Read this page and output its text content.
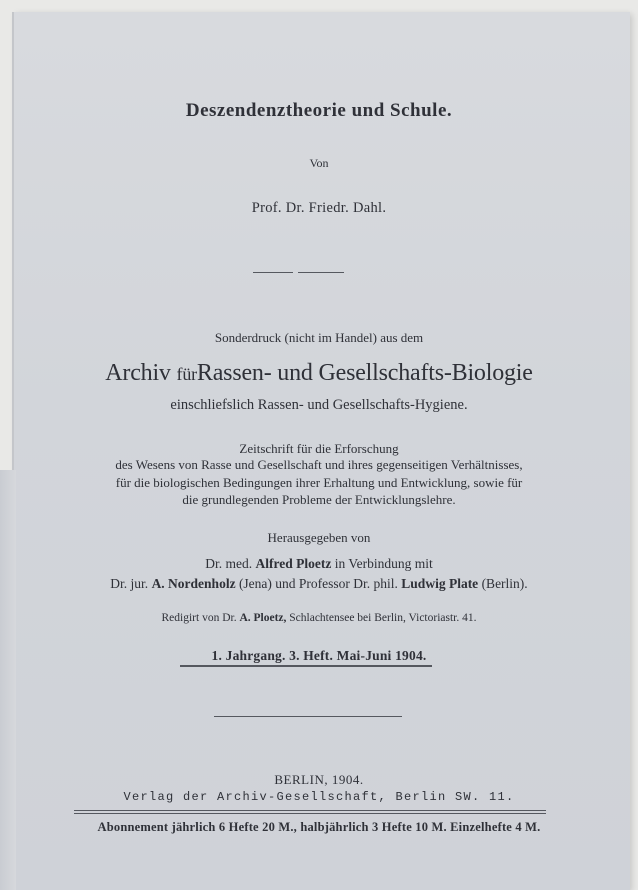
Deszendenztheorie und Schule.
Von
Prof. Dr. Friedr. Dahl.
Sonderdruck (nicht im Handel) aus dem
Archiv fürRassen- und Gesellschafts-Biologie
einschliefslich Rassen- und Gesellschafts-Hygiene.
Zeitschrift für die Erforschung
des Wesens von Rasse und Gesellschaft und ihres gegenseitigen Verhältnisses,
für die biologischen Bedingungen ihrer Erhaltung und Entwicklung, sowie für
die grundlegenden Probleme der Entwicklungslehre.
Herausgegeben von
Dr. med. Alfred Ploetz in Verbindung mit
Dr. jur. A. Nordenholz (Jena) und Professor Dr. phil. Ludwig Plate (Berlin).
Redigirt von Dr. A. Ploetz, Schlachtensee bei Berlin, Victoriastr. 41.
1. Jahrgang. 3. Heft. Mai-Juni 1904.
BERLIN, 1904.
Verlag der Archiv-Gesellschaft, Berlin SW. 11.
Abonnement jährlich 6 Hefte 20 M., halbjährlich 3 Hefte 10 M. Einzelhefte 4 M.
